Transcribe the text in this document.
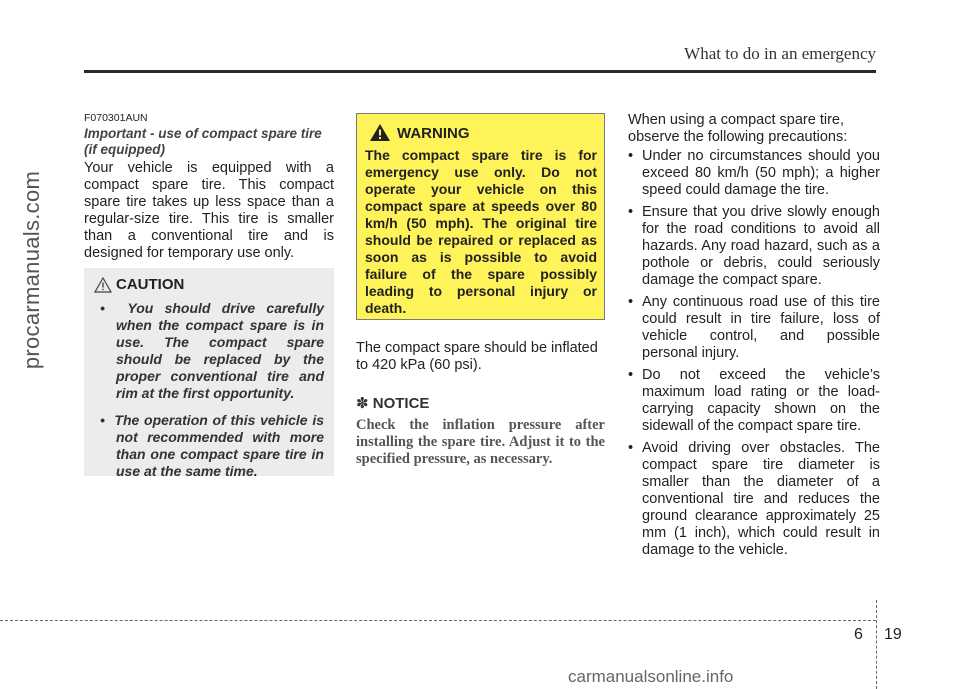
What to do in an emergency
procarmanuals.com
F070301AUN
Important - use of compact spare tire (if equipped)
Your vehicle is equipped with a compact spare tire. This compact spare tire takes up less space than a regular-size tire. This tire is smaller than a conventional tire and is designed for temporary use only.
CAUTION
•  You should drive carefully when the compact spare is in use. The compact spare should be replaced by the proper conventional tire and rim at the first opportunity.
•  The operation of this vehicle is not recommended with more than one compact spare tire in use at the same time.
WARNING
The compact spare tire is for emergency use only. Do not operate your vehicle on this compact spare at speeds over 80 km/h (50 mph). The original tire should be repaired or replaced as soon as is possible to avoid failure of the spare possibly leading to personal injury or death.
The compact spare should be inflated to 420 kPa (60 psi).
✽ NOTICE
Check the inflation pressure after installing the spare tire. Adjust it to the specified pressure, as necessary.
When using a compact spare tire, observe the following precautions:
• Under no circumstances should you exceed 80 km/h (50 mph); a higher speed could damage the tire.
• Ensure that you drive slowly enough for the road conditions to avoid all hazards. Any road hazard, such as a pothole or debris, could seriously damage the compact spare.
• Any continuous road use of this tire could result in tire failure, loss of vehicle control, and possible personal injury.
• Do not exceed the vehicle’s maximum load rating or the load-carrying capacity shown on the sidewall of the compact spare tire.
• Avoid driving over obstacles. The compact spare tire diameter is smaller than the diameter of a conventional tire and reduces the ground clearance approximately 25 mm (1 inch), which could result in damage to the vehicle.
6 19
carmanualsonline.info
